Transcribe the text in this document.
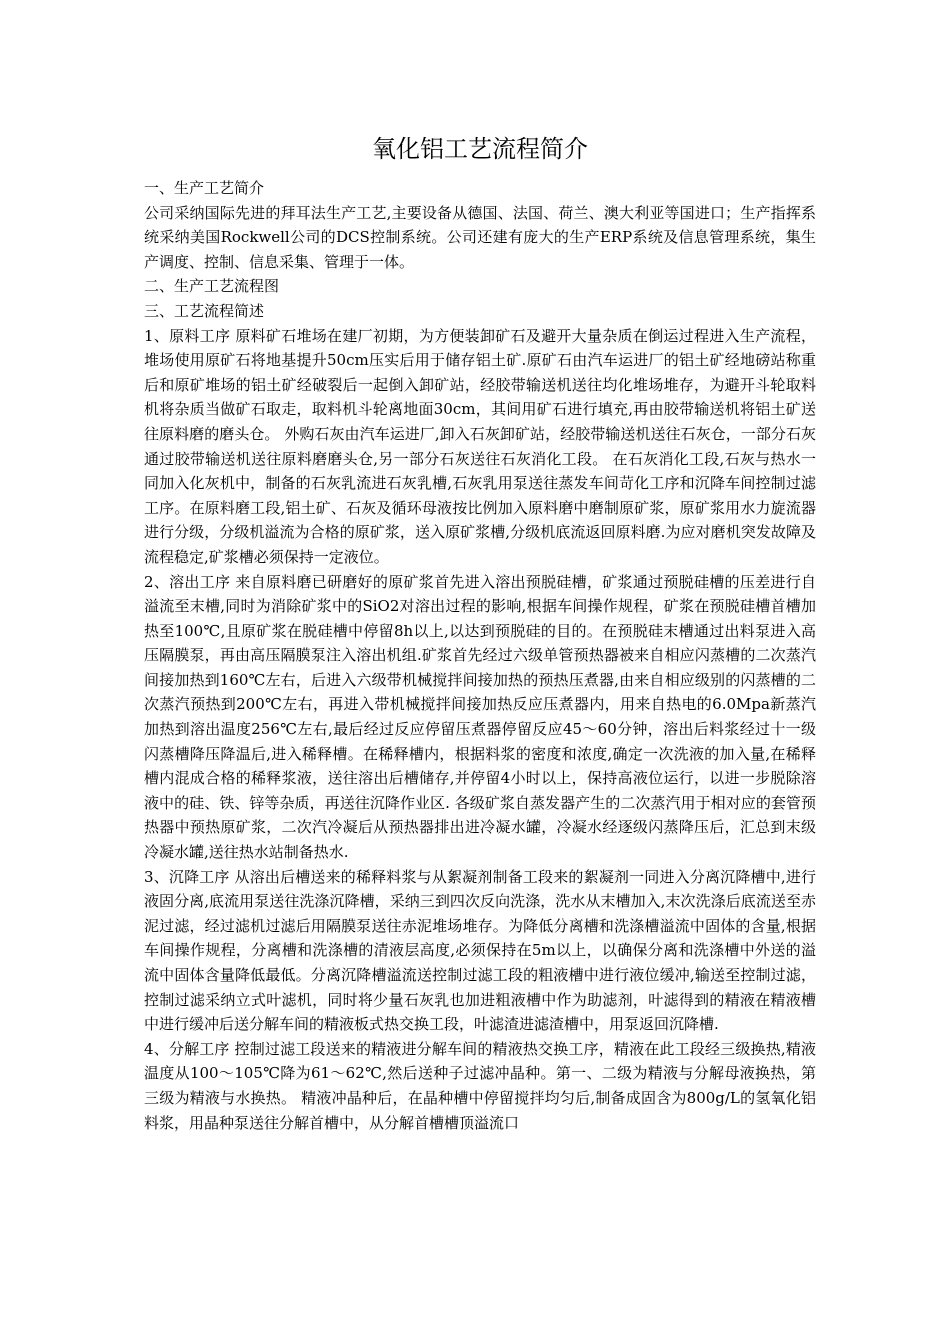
氧化铝工艺流程简介

一、生产工艺简介

公司采纳国际先进的拜耳法生产工艺,主要设备从德国、法国、荷兰、澳大利亚等国进口；生产指挥系统采纳美国Rockwell公司的DCS控制系统。公司还建有庞大的生产ERP系统及信息管理系统，集生产调度、控制、信息采集、管理于一体。

二、生产工艺流程图

三、工艺流程简述

1、原料工序 原料矿石堆场在建厂初期，为方便装卸矿石及避开大量杂质在倒运过程进入生产流程，堆场使用原矿石将地基提升50cm压实后用于储存铝土矿.原矿石由汽车运进厂的铝土矿经地磅站称重后和原矿堆场的铝土矿经破裂后一起倒入卸矿站，经胶带输送机送往均化堆场堆存，为避开斗轮取料机将杂质当做矿石取走，取料机斗轮离地面30cm，其间用矿石进行填充,再由胶带输送机将铝土矿送往原料磨的磨头仓。 外购石灰由汽车运进厂,卸入石灰卸矿站，经胶带输送机送往石灰仓，一部分石灰通过胶带输送机送往原料磨磨头仓,另一部分石灰送往石灰消化工段。 在石灰消化工段,石灰与热水一同加入化灰机中，制备的石灰乳流进石灰乳槽,石灰乳用泵送往蒸发车间苛化工序和沉降车间控制过滤工序。在原料磨工段,铝土矿、石灰及循环母液按比例加入原料磨中磨制原矿浆，原矿浆用水力旋流器进行分级，分级机溢流为合格的原矿浆，送入原矿浆槽,分级机底流返回原料磨.为应对磨机突发故障及流程稳定,矿浆槽必须保持一定液位。

2、溶出工序 来自原料磨已研磨好的原矿浆首先进入溶出预脱硅槽，矿浆通过预脱硅槽的压差进行自溢流至末槽,同时为消除矿浆中的SiO2对溶出过程的影响,根据车间操作规程，矿浆在预脱硅槽首槽加热至100℃,且原矿浆在脱硅槽中停留8h以上,以达到预脱硅的目的。在预脱硅末槽通过出料泵进入高压隔膜泵，再由高压隔膜泵注入溶出机组.矿浆首先经过六级单管预热器被来自相应闪蒸槽的二次蒸汽间接加热到160℃左右，后进入六级带机械搅拌间接加热的预热压煮器,由来自相应级别的闪蒸槽的二次蒸汽预热到200℃左右，再进入带机械搅拌间接加热反应压煮器内，用来自热电的6.0Mpa新蒸汽加热到溶出温度256℃左右,最后经过反应停留压煮器停留反应45～60分钟，溶出后料浆经过十一级闪蒸槽降压降温后,进入稀释槽。在稀释槽内，根据料浆的密度和浓度,确定一次洗液的加入量,在稀释槽内混成合格的稀释浆液，送往溶出后槽储存,并停留4小时以上，保持高液位运行，以进一步脱除溶液中的硅、铁、锌等杂质，再送往沉降作业区. 各级矿浆自蒸发器产生的二次蒸汽用于相对应的套管预热器中预热原矿浆，二次汽冷凝后从预热器排出进冷凝水罐，冷凝水经逐级闪蒸降压后，汇总到末级冷凝水罐,送往热水站制备热水.

3、沉降工序 从溶出后槽送来的稀释料浆与从絮凝剂制备工段来的絮凝剂一同进入分离沉降槽中,进行液固分离,底流用泵送往洗涤沉降槽，采纳三到四次反向洗涤，洗水从末槽加入,末次洗涤后底流送至赤泥过滤，经过滤机过滤后用隔膜泵送往赤泥堆场堆存。为降低分离槽和洗涤槽溢流中固体的含量,根据车间操作规程，分离槽和洗涤槽的清液层高度,必须保持在5m以上，以确保分离和洗涤槽中外送的溢流中固体含量降低最低。分离沉降槽溢流送控制过滤工段的粗液槽中进行液位缓冲,输送至控制过滤，控制过滤采纳立式叶滤机，同时将少量石灰乳也加进粗液槽中作为助滤剂，叶滤得到的精液在精液槽中进行缓冲后送分解车间的精液板式热交换工段，叶滤渣进滤渣槽中，用泵返回沉降槽.

4、分解工序 控制过滤工段送来的精液进分解车间的精液热交换工序，精液在此工段经三级换热,精液温度从100～105℃降为61～62℃,然后送种子过滤冲晶种。第一、二级为精液与分解母液换热，第三级为精液与水换热。 精液冲晶种后，在晶种槽中停留搅拌均匀后,制备成固含为800g/L的氢氧化铝料浆，用晶种泵送往分解首槽中，从分解首槽槽顶溢流口
